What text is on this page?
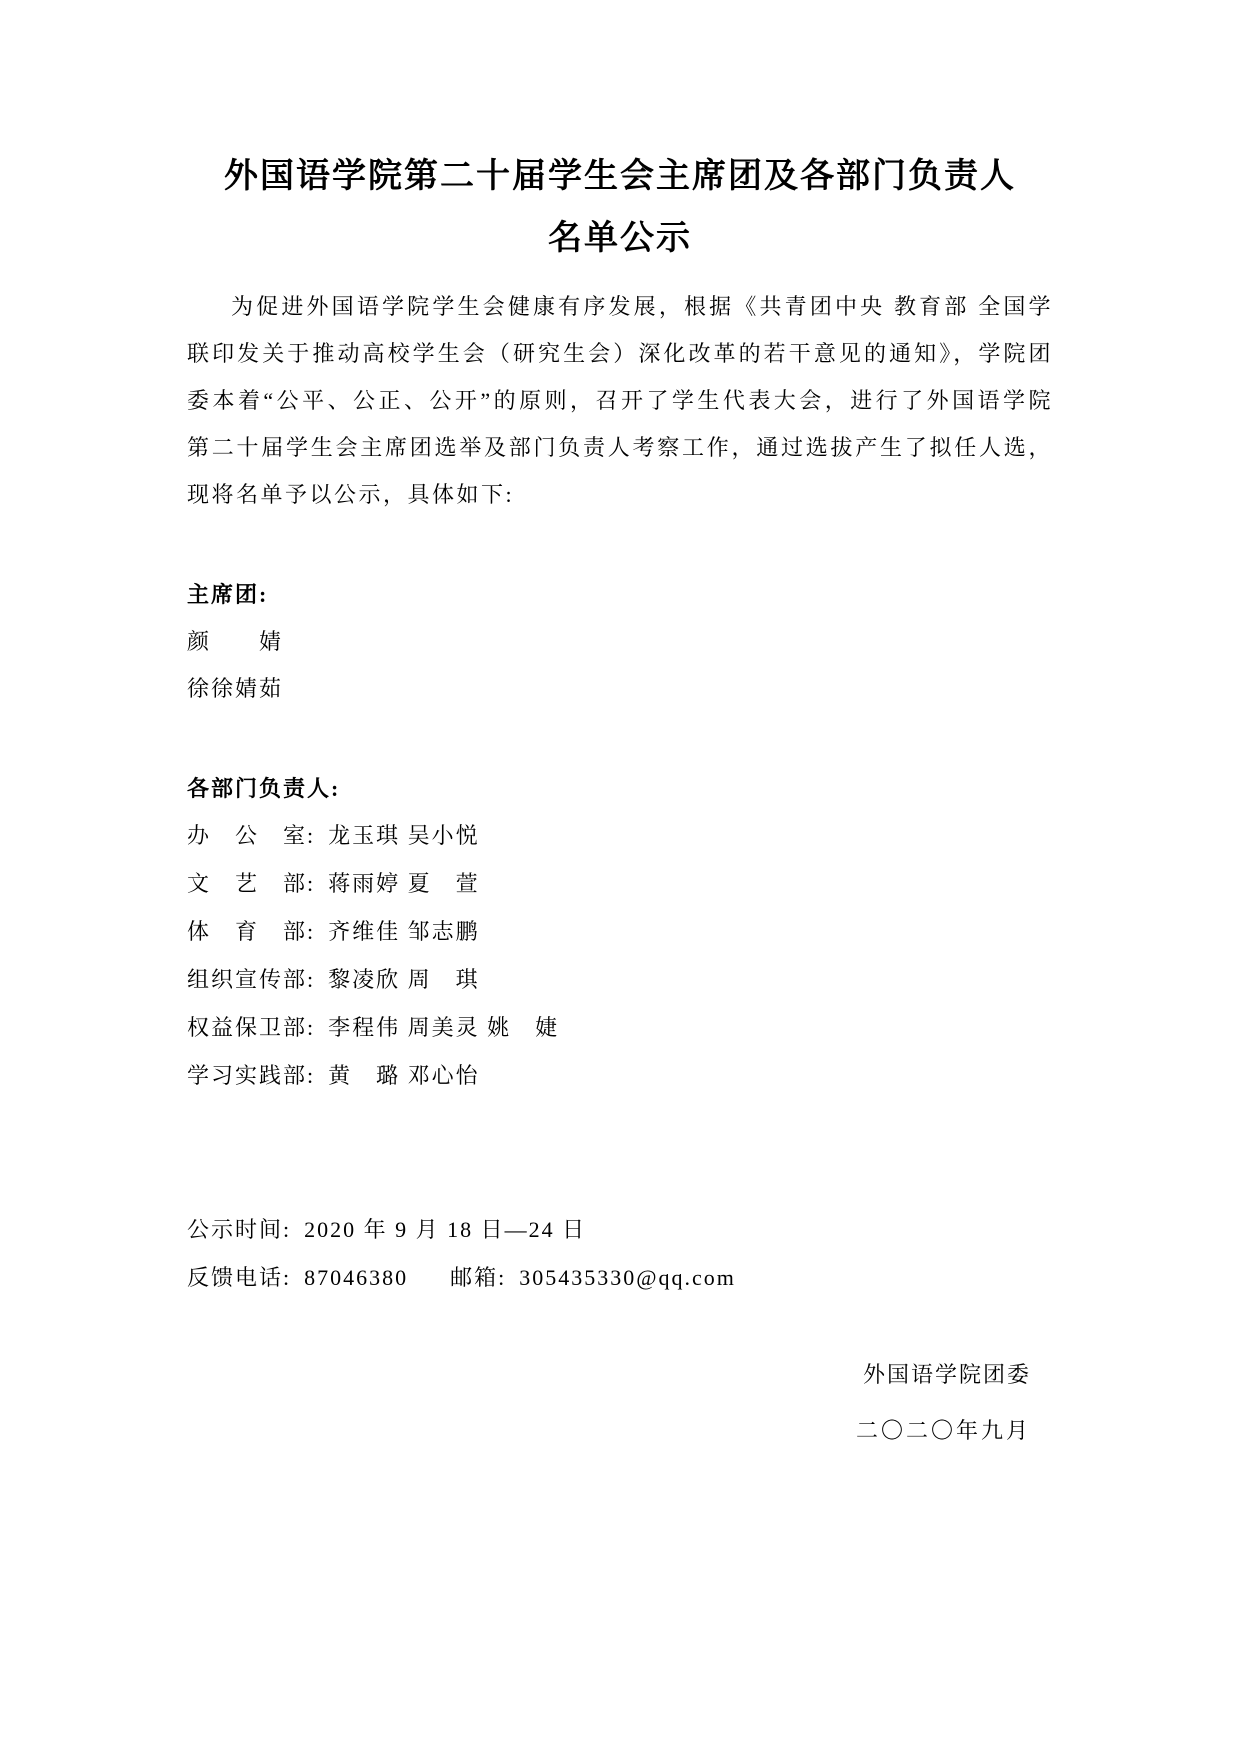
外国语学院第二十届学生会主席团及各部门负责人
名单公示
为促进外国语学院学生会健康有序发展，根据《共青团中央 教育部 全国学
联印发关于推动高校学生会（研究生会）深化改革的若干意见的通知》，学院团
委本着“公平、公正、公开”的原则，召开了学生代表大会，进行了外国语学院
第二十届学生会主席团选举及部门负责人考察工作，通过选拔产生了拟任人选，
现将名单予以公示，具体如下:
主席团:
颜　　婧
徐徐婧茹
各部门负责人:
办　公　室: 龙玉琪 吴小悦
文　艺　部: 蒋雨婷 夏　萱
体　育　部: 齐维佳 邹志鹏
组织宣传部: 黎凌欣 周　琪
权益保卫部: 李程伟 周美灵 姚　婕
学习实践部: 黄　璐 邓心怡
公示时间: 2020 年 9 月 18 日—24 日
反馈电话: 87046380 邮箱: 305435330@qq.com
外国语学院团委
二〇二〇年九月
